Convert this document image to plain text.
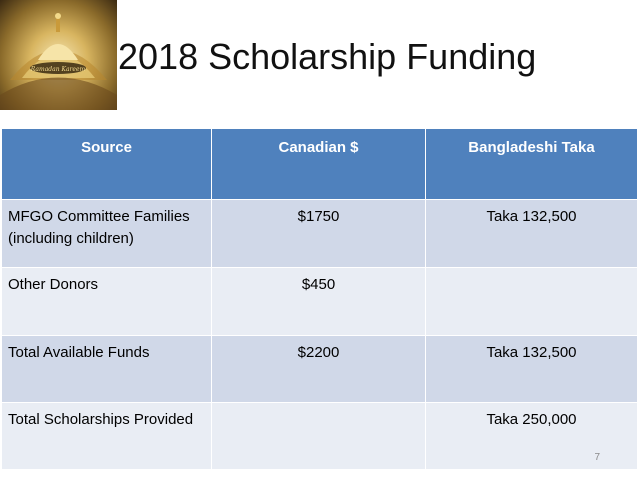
Ramadan Kareem 2018 Scholarship Funding
Source	Canadian $	Bangladeshi Taka
MFGO Committee Families (including children)	$1750	Taka 132,500
Other Donors	$450	
Total Available Funds	$2200	Taka 132,500
Total Scholarships Provided		Taka 250,000
7
